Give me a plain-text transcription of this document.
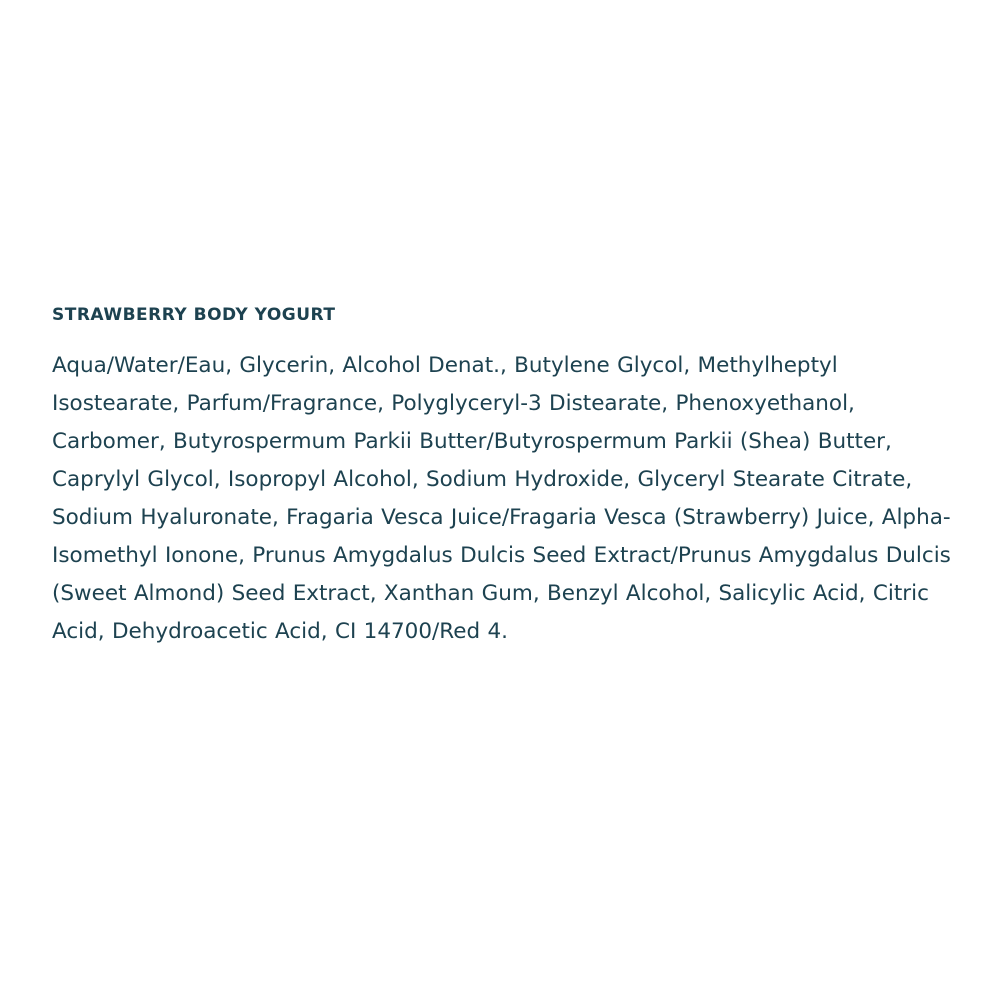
STRAWBERRY BODY YOGURT

Aqua/Water/Eau, Glycerin, Alcohol Denat., Butylene Glycol, Methylheptyl Isostearate, Parfum/Fragrance, Polyglyceryl-3 Distearate, Phenoxyethanol, Carbomer, Butyrospermum Parkii Butter/Butyrospermum Parkii (Shea) Butter, Caprylyl Glycol, Isopropyl Alcohol, Sodium Hydroxide, Glyceryl Stearate Citrate, Sodium Hyaluronate, Fragaria Vesca Juice/Fragaria Vesca (Strawberry) Juice, Alpha-Isomethyl Ionone, Prunus Amygdalus Dulcis Seed Extract/Prunus Amygdalus Dulcis (Sweet Almond) Seed Extract, Xanthan Gum, Benzyl Alcohol, Salicylic Acid, Citric Acid, Dehydroacetic Acid, CI 14700/Red 4.
